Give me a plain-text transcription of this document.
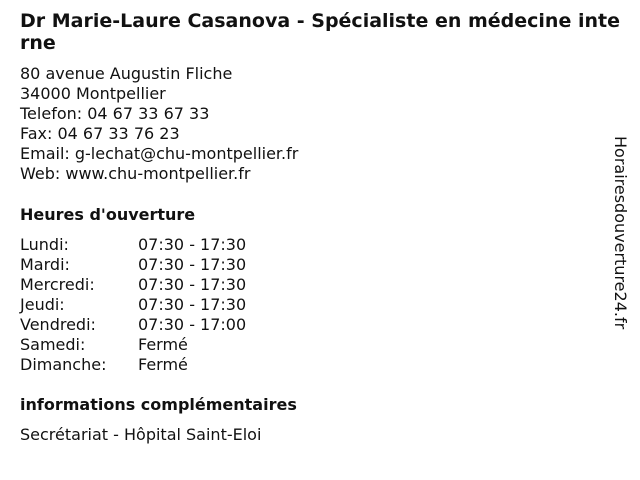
Dr Marie-Laure Casanova - Spécialiste en médecine interne
80 avenue Augustin Fliche
34000 Montpellier
Telefon: 04 67 33 67 33
Fax: 04 67 33 76 23
Email: g-lechat@chu-montpellier.fr
Web: www.chu-montpellier.fr
Heures d'ouverture
Lundi:	07:30 - 17:30
Mardi:	07:30 - 17:30
Mercredi:	07:30 - 17:30
Jeudi:	07:30 - 17:30
Vendredi:	07:30 - 17:00
Samedi:	Fermé
Dimanche:	Fermé
informations complémentaires
Secrétariat - Hôpital Saint-Eloi
Horairesdouverture24.fr
